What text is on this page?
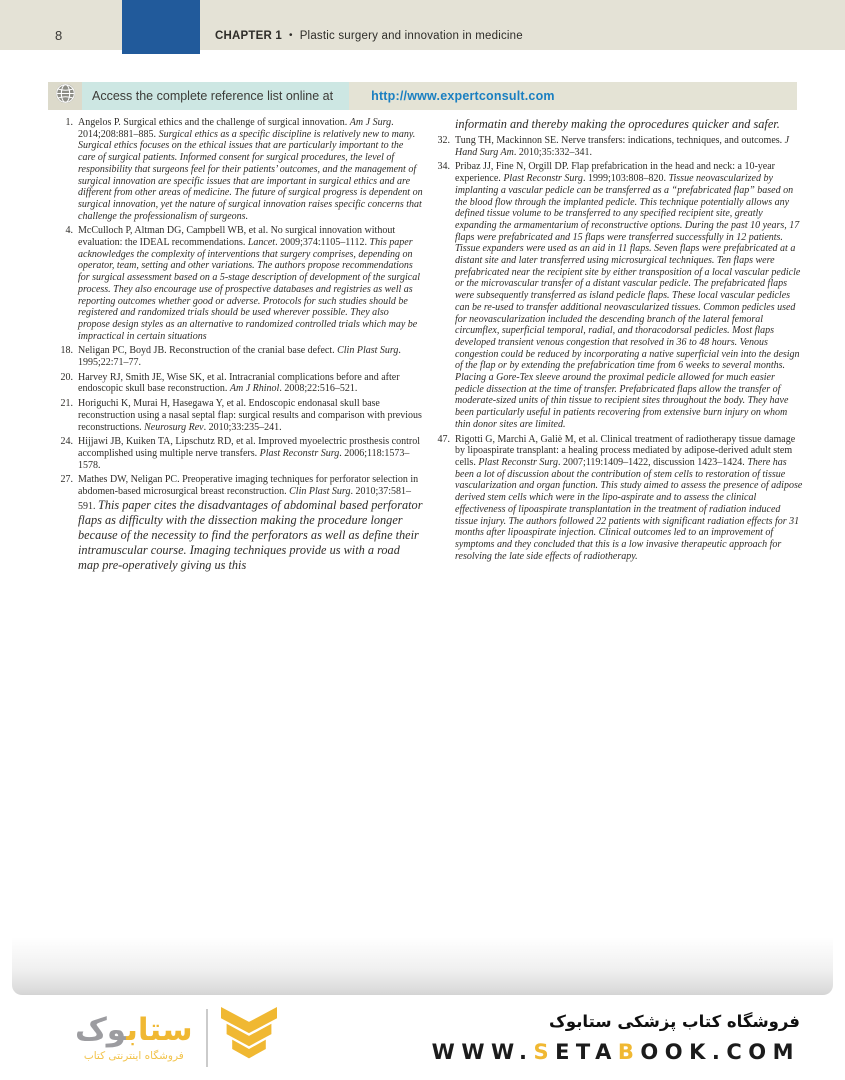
8	CHAPTER 1 • Plastic surgery and innovation in medicine
Access the complete reference list online at	http://www.expertconsult.com
1. Angelos P. Surgical ethics and the challenge of surgical innovation. Am J Surg. 2014;208:881–885. Surgical ethics as a specific discipline is relatively new to many. Surgical ethics focuses on the ethical issues that are particularly important to the care of surgical patients. Informed consent for surgical procedures, the level of responsibility that surgeons feel for their patients’ outcomes, and the management of surgical innovation are specific issues that are important in surgical ethics and are different from other areas of medicine. The future of surgical progress is dependent on surgical innovation, yet the nature of surgical innovation raises specific concerns that challenge the professionalism of surgeons.
4. McCulloch P, Altman DG, Campbell WB, et al. No surgical innovation without evaluation: the IDEAL recommendations. Lancet. 2009;374:1105–1112. This paper acknowledges the complexity of interventions that surgery comprises, depending on operator, team, setting and other variations. The authors propose recommendations for surgical assessment based on a 5-stage description of development of the surgical process. They also encourage use of prospective databases and registries as well as reporting outcomes whether good or adverse. Protocols for such studies should be registered and randomized trials should be used wherever possible. They also propose design styles as an alternative to randomized controlled trials which may be impractical in certain situations
18. Neligan PC, Boyd JB. Reconstruction of the cranial base defect. Clin Plast Surg. 1995;22:71–77.
20. Harvey RJ, Smith JE, Wise SK, et al. Intracranial complications before and after endoscopic skull base reconstruction. Am J Rhinol. 2008;22:516–521.
21. Horiguchi K, Murai H, Hasegawa Y, et al. Endoscopic endonasal skull base reconstruction using a nasal septal flap: surgical results and comparison with previous reconstructions. Neurosurg Rev. 2010;33:235–241.
24. Hijjawi JB, Kuiken TA, Lipschutz RD, et al. Improved myoelectric prosthesis control accomplished using multiple nerve transfers. Plast Reconstr Surg. 2006;118:1573–1578.
27. Mathes DW, Neligan PC. Preoperative imaging techniques for perforator selection in abdomen-based microsurgical breast reconstruction. Clin Plast Surg. 2010;37:581–591. This paper cites the disadvantages of abdominal based perforator flaps as difficulty with the dissection making the procedure longer because of the necessity to find the perforators as well as define their intramuscular course. Imaging techniques provide us with a road map pre-operatively giving us this
informatin and thereby making the oprocedures quicker and safer.
32. Tung TH, Mackinnon SE. Nerve transfers: indications, techniques, and outcomes. J Hand Surg Am. 2010;35:332–341.
34. Pribaz JJ, Fine N, Orgill DP. Flap prefabrication in the head and neck: a 10-year experience. Plast Reconstr Surg. 1999;103:808–820. Tissue neovascularized by implanting a vascular pedicle can be transferred as a “prefabricated flap” based on the blood flow through the implanted pedicle. This technique potentially allows any defined tissue volume to be transferred to any specified recipient site, greatly expanding the armamentarium of reconstructive options. During the past 10 years, 17 flaps were prefabricated and 15 flaps were transferred successfully in 12 patients. Tissue expanders were used as an aid in 11 flaps. Seven flaps were prefabricated at a distant site and later transferred using microsurgical techniques. Ten flaps were prefabricated near the recipient site by either transposition of a local vascular pedicle or the microvascular transfer of a distant vascular pedicle. The prefabricated flaps were subsequently transferred as island pedicle flaps. These local vascular pedicles can be re-used to transfer additional neovascularized tissues. Common pedicles used for neovascularization included the descending branch of the lateral femoral circumflex, superficial temporal, radial, and thoracodorsal pedicles. Most flaps developed transient venous congestion that resolved in 36 to 48 hours. Venous congestion could be reduced by incorporating a native superficial vein into the design of the flap or by extending the prefabrication time from 6 weeks to several months. Placing a Gore-Tex sleeve around the proximal pedicle allowed for much easier pedicle dissection at the time of transfer. Prefabricated flaps allow the transfer of moderate-sized units of thin tissue to recipient sites throughout the body. They have been particularly useful in patients recovering from extensive burn injury on whom thin donor sites are limited.
47. Rigotti G, Marchi A, Galiè M, et al. Clinical treatment of radiotherapy tissue damage by lipoaspirate transplant: a healing process mediated by adipose-derived adult stem cells. Plast Reconstr Surg. 2007;119:1409–1422, discussion 1423–1424. There has been a lot of discussion about the contribution of stem cells to restoration of tissue vascularization and organ function. This study aimed to assess the presence of adipose derived stem cells which were in the lipo-aspirate and to assess the clinical effectiveness of lipoaspirate transplantation in the treatment of radiation induced tissue injury. The authors followed 22 patients with significant radiation effects for 31 months after lipoaspirate injection. Clinical outcomes led to an improvement of symptoms and they concluded that this is a low invasive therapeutic approach for resolving the late side effects of radiotherapy.
ستاب‍‍وک
فروشگاه اینترنتی کتاب
فروشگاه کتاب پزشکی ستابوک
WWW.SETABOOK.COM
